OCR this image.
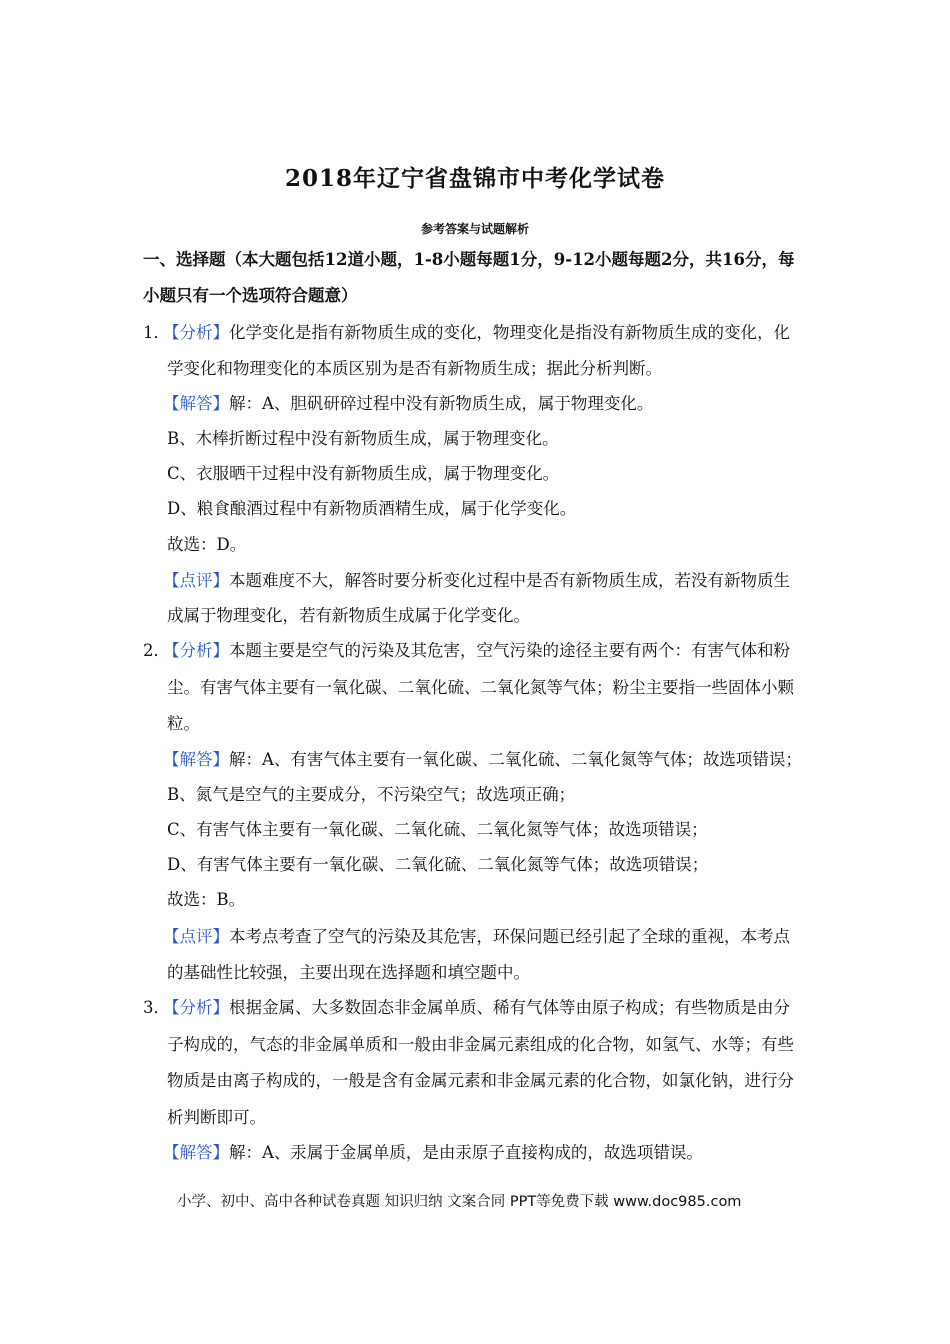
2018年辽宁省盘锦市中考化学试卷
参考答案与试题解析
一、选择题（本大题包括12道小题，1-8小题每题1分，9-12小题每题2分，共16分，每
小题只有一个选项符合题意）
1．
【分析】化学变化是指有新物质生成的变化，物理变化是指没有新物质生成的变化，化
学变化和物理变化的本质区别为是否有新物质生成；据此分析判断。
【解答】解：A、胆矾研碎过程中没有新物质生成，属于物理变化。
B、木棒折断过程中没有新物质生成，属于物理变化。
C、衣服晒干过程中没有新物质生成，属于物理变化。
D、粮食酿酒过程中有新物质酒精生成，属于化学变化。
故选：D。
【点评】本题难度不大，解答时要分析变化过程中是否有新物质生成，若没有新物质生
成属于物理变化，若有新物质生成属于化学变化。
2．
【分析】本题主要是空气的污染及其危害，空气污染的途径主要有两个：有害气体和粉
尘。有害气体主要有一氧化碳、二氧化硫、二氧化氮等气体；粉尘主要指一些固体小颗
粒。
【解答】解：A、有害气体主要有一氧化碳、二氧化硫、二氧化氮等气体；故选项错误；
B、氮气是空气的主要成分，不污染空气；故选项正确；
C、有害气体主要有一氧化碳、二氧化硫、二氧化氮等气体；故选项错误；
D、有害气体主要有一氧化碳、二氧化硫、二氧化氮等气体；故选项错误；
故选：B。
【点评】本考点考查了空气的污染及其危害，环保问题已经引起了全球的重视，本考点
的基础性比较强，主要出现在选择题和填空题中。
3．
【分析】根据金属、大多数固态非金属单质、稀有气体等由原子构成；有些物质是由分
子构成的，气态的非金属单质和一般由非金属元素组成的化合物，如氢气、水等；有些
物质是由离子构成的，一般是含有金属元素和非金属元素的化合物，如氯化钠，进行分
析判断即可。
【解答】解：A、汞属于金属单质，是由汞原子直接构成的，故选项错误。
小学、初中、高中各种试卷真题 知识归纳 文案合同 PPT等免费下载 www.doc985.com
